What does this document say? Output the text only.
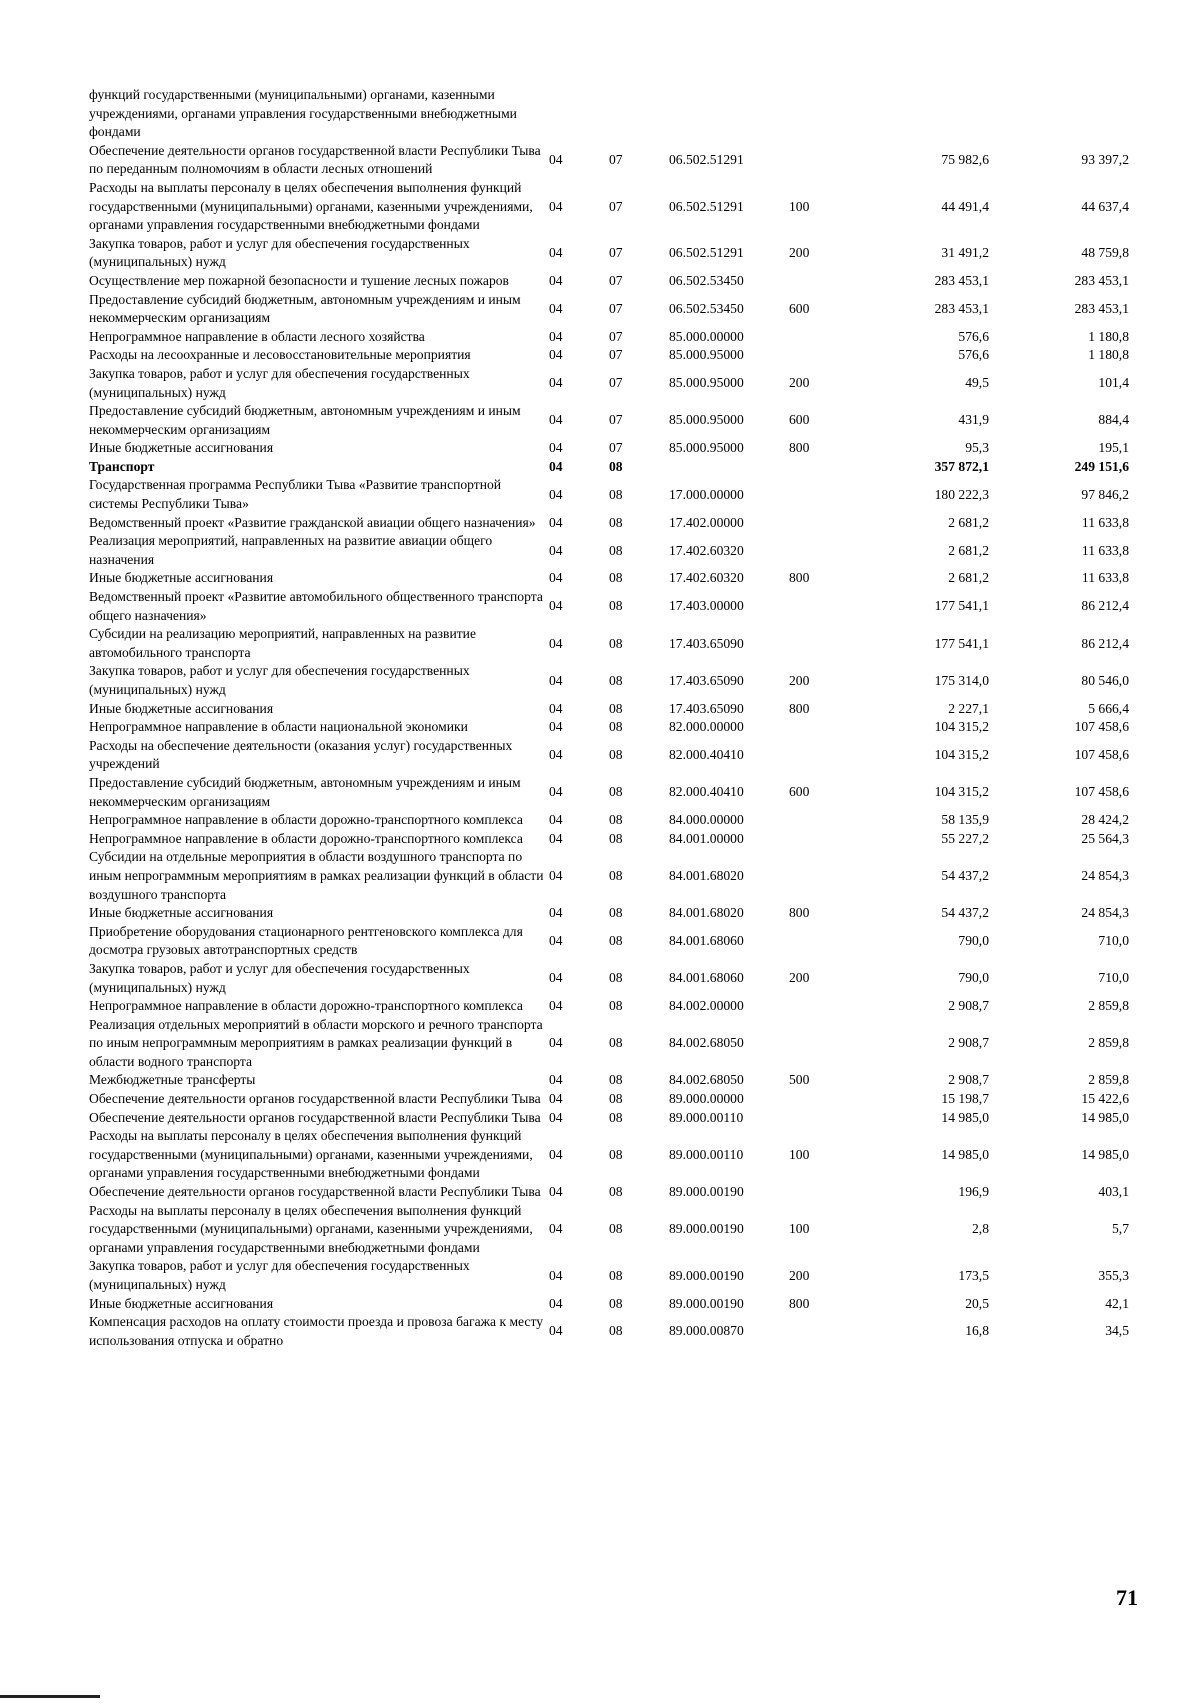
функций государственными (муниципальными) органами, казенными учреждениями, органами управления государственными внебюджетными фондами						
Обеспечение деятельности органов государственной власти Республики Тыва по переданным полномочиям в области лесных отношений	04	07	06.502.51291		75 982,6	93 397,2
Расходы на выплаты персоналу в целях обеспечения выполнения функций государственными (муниципальными) органами, казенными учреждениями, органами управления государственными внебюджетными фондами	04	07	06.502.51291	100	44 491,4	44 637,4
Закупка товаров, работ и услуг для обеспечения государственных (муниципальных) нужд	04	07	06.502.51291	200	31 491,2	48 759,8
Осуществление мер пожарной безопасности и тушение лесных пожаров	04	07	06.502.53450		283 453,1	283 453,1
Предоставление субсидий бюджетным, автономным учреждениям и иным некоммерческим организациям	04	07	06.502.53450	600	283 453,1	283 453,1
Непрограммное направление в области лесного хозяйства	04	07	85.000.00000		576,6	1 180,8
Расходы на лесоохранные и лесовосстановительные мероприятия	04	07	85.000.95000		576,6	1 180,8
Закупка товаров, работ и услуг для обеспечения государственных (муниципальных) нужд	04	07	85.000.95000	200	49,5	101,4
Предоставление субсидий бюджетным, автономным учреждениям и иным некоммерческим организациям	04	07	85.000.95000	600	431,9	884,4
Иные бюджетные ассигнования	04	07	85.000.95000	800	95,3	195,1
Транспорт	04	08			357 872,1	249 151,6
Государственная программа Республики Тыва «Развитие транспортной системы Республики Тыва»	04	08	17.000.00000		180 222,3	97 846,2
Ведомственный проект «Развитие гражданской авиации общего назначения»	04	08	17.402.00000		2 681,2	11 633,8
Реализация мероприятий, направленных на развитие авиации общего назначения	04	08	17.402.60320		2 681,2	11 633,8
Иные бюджетные ассигнования	04	08	17.402.60320	800	2 681,2	11 633,8
Ведомственный проект «Развитие автомобильного общественного транспорта общего назначения»	04	08	17.403.00000		177 541,1	86 212,4
Субсидии на реализацию мероприятий, направленных на развитие автомобильного транспорта	04	08	17.403.65090		177 541,1	86 212,4
Закупка товаров, работ и услуг для обеспечения государственных (муниципальных) нужд	04	08	17.403.65090	200	175 314,0	80 546,0
Иные бюджетные ассигнования	04	08	17.403.65090	800	2 227,1	5 666,4
Непрограммное направление в области национальной экономики	04	08	82.000.00000		104 315,2	107 458,6
Расходы на обеспечение деятельности (оказания услуг) государственных учреждений	04	08	82.000.40410		104 315,2	107 458,6
Предоставление субсидий бюджетным, автономным учреждениям и иным некоммерческим организациям	04	08	82.000.40410	600	104 315,2	107 458,6
Непрограммное направление в области дорожно-транспортного комплекса	04	08	84.000.00000		58 135,9	28 424,2
Непрограммное направление в области дорожно-транспортного комплекса	04	08	84.001.00000		55 227,2	25 564,3
Субсидии на отдельные мероприятия в области воздушного транспорта по иным непрограммным мероприятиям в рамках реализации функций в области воздушного транспорта	04	08	84.001.68020		54 437,2	24 854,3
Иные бюджетные ассигнования	04	08	84.001.68020	800	54 437,2	24 854,3
Приобретение оборудования стационарного рентгеновского комплекса для досмотра грузовых автотранспортных средств	04	08	84.001.68060		790,0	710,0
Закупка товаров, работ и услуг для обеспечения государственных (муниципальных) нужд	04	08	84.001.68060	200	790,0	710,0
Непрограммное направление в области дорожно-транспортного комплекса	04	08	84.002.00000		2 908,7	2 859,8
Реализация отдельных мероприятий в области морского и речного транспорта по иным непрограммным мероприятиям в рамках реализации функций в области водного транспорта	04	08	84.002.68050		2 908,7	2 859,8
Межбюджетные трансферты	04	08	84.002.68050	500	2 908,7	2 859,8
Обеспечение деятельности органов государственной власти Республики Тыва	04	08	89.000.00000		15 198,7	15 422,6
Обеспечение деятельности органов государственной власти Республики Тыва	04	08	89.000.00110		14 985,0	14 985,0
Расходы на выплаты персоналу в целях обеспечения выполнения функций государственными (муниципальными) органами, казенными учреждениями, органами управления государственными внебюджетными фондами	04	08	89.000.00110	100	14 985,0	14 985,0
Обеспечение деятельности органов государственной власти Республики Тыва	04	08	89.000.00190		196,9	403,1
Расходы на выплаты персоналу в целях обеспечения выполнения функций государственными (муниципальными) органами, казенными учреждениями, органами управления государственными внебюджетными фондами	04	08	89.000.00190	100	2,8	5,7
Закупка товаров, работ и услуг для обеспечения государственных (муниципальных) нужд	04	08	89.000.00190	200	173,5	355,3
Иные бюджетные ассигнования	04	08	89.000.00190	800	20,5	42,1
Компенсация расходов на оплату стоимости проезда и провоза багажа к месту использования отпуска и обратно	04	08	89.000.00870		16,8	34,5
71
